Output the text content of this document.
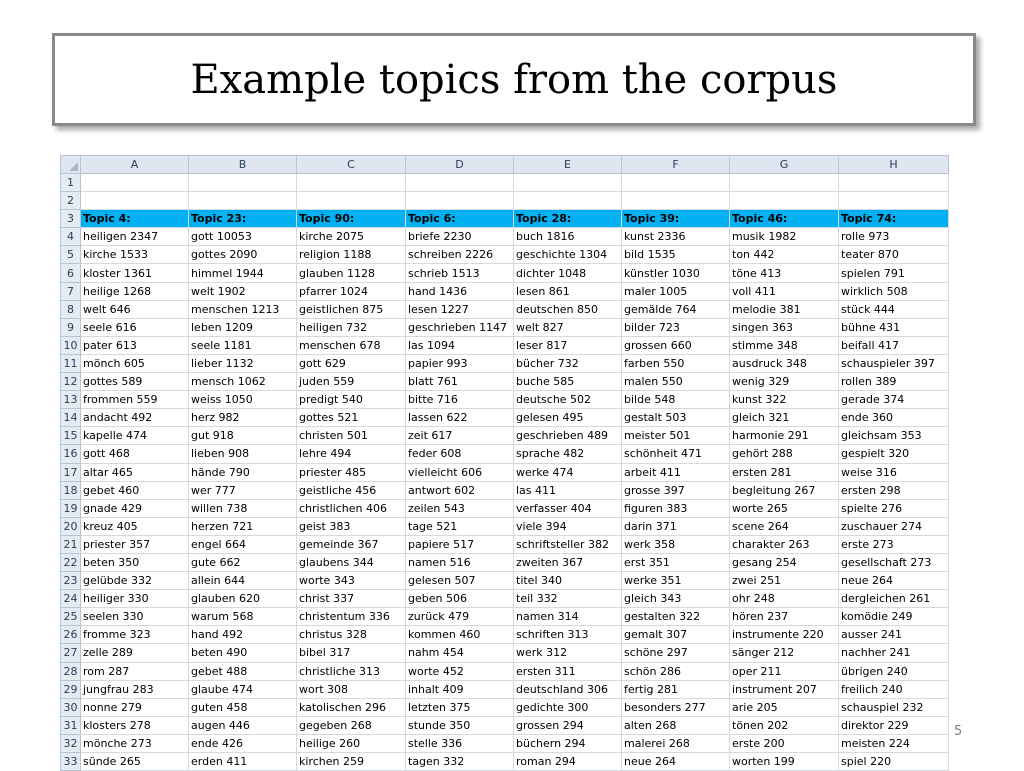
Example topics from the corpus
	A	B	C	D	E	F	G	H
1								
2								
3	Topic 4:	Topic 23:	Topic 90:	Topic 6:	Topic 28:	Topic 39:	Topic 46:	Topic 74:
4	heiligen 2347	gott 10053	kirche 2075	briefe 2230	buch 1816	kunst 2336	musik 1982	rolle 973
5	kirche 1533	gottes 2090	religion 1188	schreiben 2226	geschichte 1304	bild 1535	ton 442	teater 870
6	kloster 1361	himmel 1944	glauben 1128	schrieb 1513	dichter 1048	künstler 1030	töne 413	spielen 791
7	heilige 1268	welt 1902	pfarrer 1024	hand 1436	lesen 861	maler 1005	voll 411	wirklich 508
8	welt 646	menschen 1213	geistlichen 875	lesen 1227	deutschen 850	gemälde 764	melodie 381	stück 444
9	seele 616	leben 1209	heiligen 732	geschrieben 1147	welt 827	bilder 723	singen 363	bühne 431
10	pater 613	seele 1181	menschen 678	las 1094	leser 817	grossen 660	stimme 348	beifall 417
11	mönch 605	lieber 1132	gott 629	papier 993	bücher 732	farben 550	ausdruck 348	schauspieler 397
12	gottes 589	mensch 1062	juden 559	blatt 761	buche 585	malen 550	wenig 329	rollen 389
13	frommen 559	weiss 1050	predigt 540	bitte 716	deutsche 502	bilde 548	kunst 322	gerade 374
14	andacht 492	herz 982	gottes 521	lassen 622	gelesen 495	gestalt 503	gleich 321	ende 360
15	kapelle 474	gut 918	christen 501	zeit 617	geschrieben 489	meister 501	harmonie 291	gleichsam 353
16	gott 468	lieben 908	lehre 494	feder 608	sprache 482	schönheit 471	gehört 288	gespielt 320
17	altar 465	hände 790	priester 485	vielleicht 606	werke 474	arbeit 411	ersten 281	weise 316
18	gebet 460	wer 777	geistliche 456	antwort 602	las 411	grosse 397	begleitung 267	ersten 298
19	gnade 429	willen 738	christlichen 406	zeilen 543	verfasser 404	figuren 383	worte 265	spielte 276
20	kreuz 405	herzen 721	geist 383	tage 521	viele 394	darin 371	scene 264	zuschauer 274
21	priester 357	engel 664	gemeinde 367	papiere 517	schriftsteller 382	werk 358	charakter 263	erste 273
22	beten 350	gute 662	glaubens 344	namen 516	zweiten 367	erst 351	gesang 254	gesellschaft 273
23	gelübde 332	allein 644	worte 343	gelesen 507	titel 340	werke 351	zwei 251	neue 264
24	heiliger 330	glauben 620	christ 337	geben 506	teil 332	gleich 343	ohr 248	dergleichen 261
25	seelen 330	warum 568	christentum 336	zurück 479	namen 314	gestalten 322	hören 237	komödie 249
26	fromme 323	hand 492	christus 328	kommen 460	schriften 313	gemalt 307	instrumente 220	ausser 241
27	zelle 289	beten 490	bibel 317	nahm 454	werk 312	schöne 297	sänger 212	nachher 241
28	rom 287	gebet 488	christliche 313	worte 452	ersten 311	schön 286	oper 211	übrigen 240
29	jungfrau 283	glaube 474	wort 308	inhalt 409	deutschland 306	fertig 281	instrument 207	freilich 240
30	nonne 279	guten 458	katolischen 296	letzten 375	gedichte 300	besonders 277	arie 205	schauspiel 232
31	klosters 278	augen 446	gegeben 268	stunde 350	grossen 294	alten 268	tönen 202	direktor 229
32	mönche 273	ende 426	heilige 260	stelle 336	büchern 294	malerei 268	erste 200	meisten 224
33	sünde 265	erden 411	kirchen 259	tagen 332	roman 294	neue 264	worten 199	spiel 220
5
